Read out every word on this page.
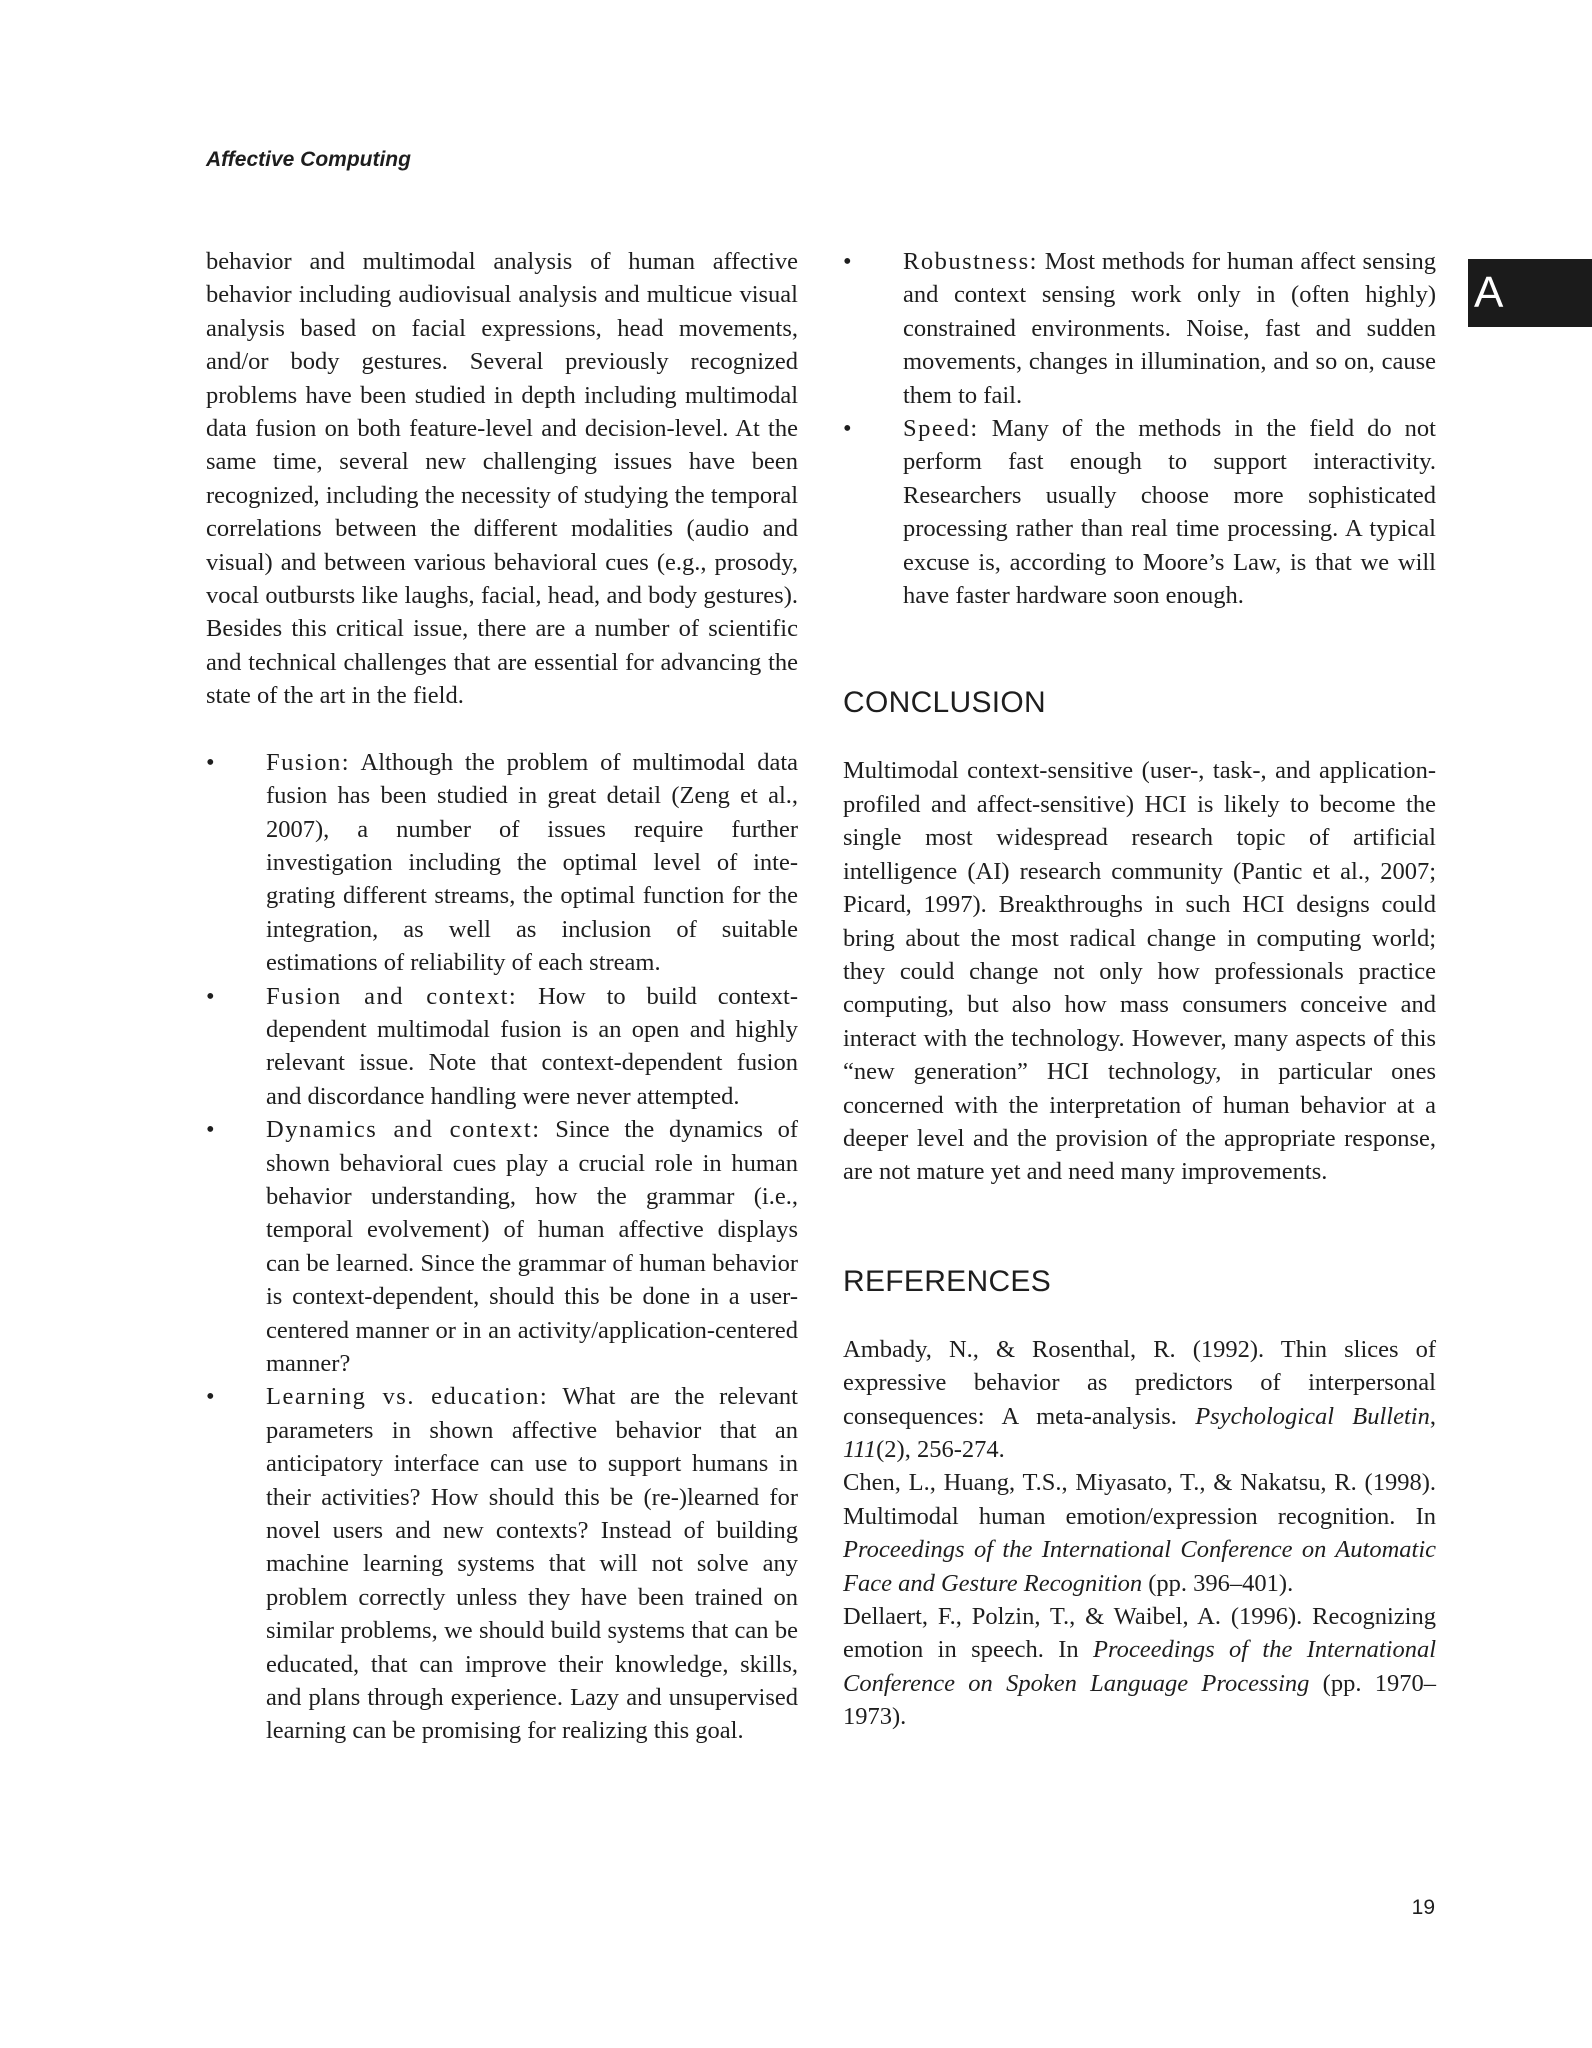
Affective Computing
A

behavior and multimodal analysis of human affective behavior including audiovisual analysis and multicue visual analysis based on facial expressions, head movements, and/or body gestures. Several previously recognized problems have been studied in depth including multimodal data fusion on both feature-level and decision-level. At the same time, several new challenging issues have been recognized, including the necessity of studying the temporal correlations between the different modalities (audio and visual) and between various behavioral cues (e.g., prosody, vocal outbursts like laughs, facial, head, and body gestures). Besides this critical issue, there are a number of scientific and technical challenges that are essential for advancing the state of the art in the field.

•	Fusion: Although the problem of multimodal data fusion has been studied in great detail (Zeng et al., 2007), a number of issues require further investigation including the optimal level of integrating different streams, the optimal function for the integration, as well as inclusion of suitable estimations of reliability of each stream.
•	Fusion and context: How to build context-dependent multimodal fusion is an open and highly relevant issue. Note that context-dependent fusion and discordance handling were never attempted.
•	Dynamics and context: Since the dynamics of shown behavioral cues play a crucial role in human behavior understanding, how the grammar (i.e., temporal evolvement) of human affective displays can be learned. Since the grammar of human behavior is context-dependent, should this be done in a user-centered manner or in an activity/application-centered manner?
•	Learning vs. education: What are the relevant parameters in shown affective behavior that an anticipatory interface can use to support humans in their activities? How should this be (re-)learned for novel users and new contexts? Instead of building machine learning systems that will not solve any problem correctly unless they have been trained on similar problems, we should build systems that can be educated, that can improve their knowledge, skills, and plans through experience. Lazy and unsupervised learning can be promising for realizing this goal.
•	Robustness: Most methods for human affect sensing and context sensing work only in (often highly) constrained environments. Noise, fast and sudden movements, changes in illumination, and so on, cause them to fail.
•	Speed: Many of the methods in the field do not perform fast enough to support interactivity. Researchers usually choose more sophisticated processing rather than real time processing. A typical excuse is, according to Moore’s Law, is that we will have faster hardware soon enough.
CONCLUSION

Multimodal context-sensitive (user-, task-, and application-profiled and affect-sensitive) HCI is likely to become the single most widespread research topic of artificial intelligence (AI) research community (Pantic et al., 2007; Picard, 1997). Breakthroughs in such HCI designs could bring about the most radical change in computing world; they could change not only how professionals practice computing, but also how mass consumers conceive and interact with the technology. However, many aspects of this “new generation” HCI technology, in particular ones concerned with the interpretation of human behavior at a deeper level and the provision of the appropriate response, are not mature yet and need many improvements.

REFERENCES

Ambady, N., & Rosenthal, R. (1992). Thin slices of expressive behavior as predictors of interpersonal consequences: A meta-analysis. Psychological Bulletin, 111(2), 256-274.

Chen, L., Huang, T.S., Miyasato, T., & Nakatsu, R. (1998). Multimodal human emotion/expression recognition. In Proceedings of the International Conference on Automatic Face and Gesture Recognition (pp. 396–401).

Dellaert, F., Polzin, T., & Waibel, A. (1996). Recognizing emotion in speech. In Proceedings of the International Conference on Spoken Language Processing (pp. 1970–1973).

19
